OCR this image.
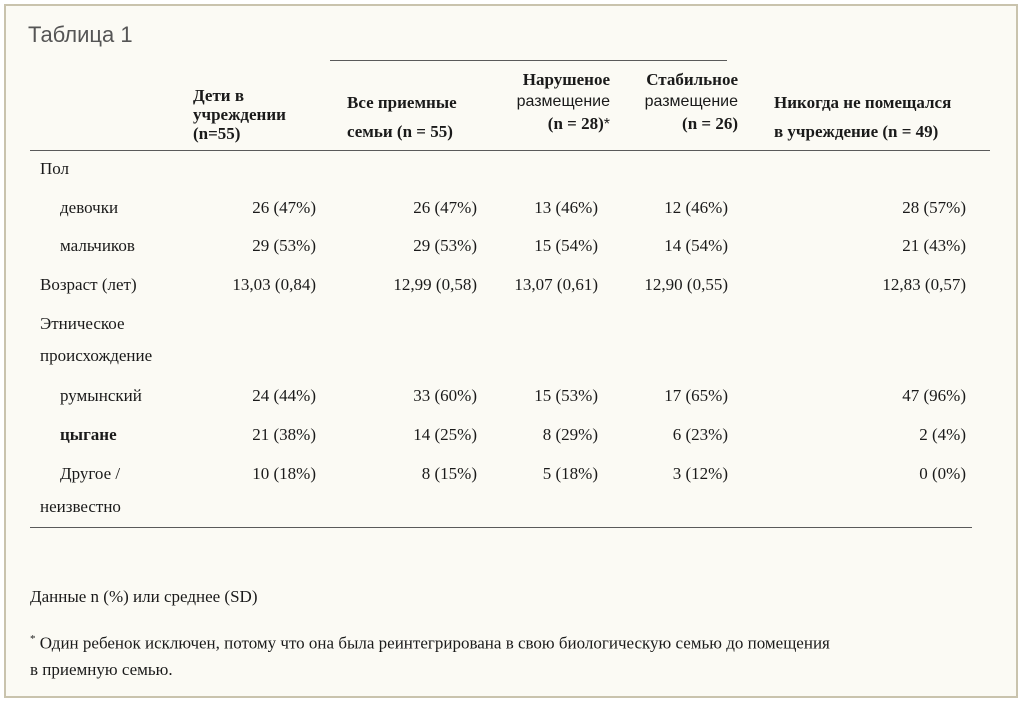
Таблица 1
Дети в
учреждении
(n=55)
Все приемные
семьи (n = 55)
Нарушеное
размещение
(n = 28)*
Стабильное
размещение
(n = 26)
Никогда не помещался
в учреждение (n = 49)
Пол
девочки
мальчиков
Возраст (лет)
Этническое
происхождение
румынский
цыгане
Другое /
неизвестно
26 (47%)
29 (53%)
13,03 (0,84)
24 (44%)
21 (38%)
10 (18%)
26 (47%)
29 (53%)
12,99 (0,58)
33 (60%)
14 (25%)
8 (15%)
13 (46%)
15 (54%)
13,07 (0,61)
15 (53%)
8 (29%)
5 (18%)
12 (46%)
14 (54%)
12,90 (0,55)
17 (65%)
6 (23%)
3 (12%)
28 (57%)
21 (43%)
12,83 (0,57)
47 (96%)
2 (4%)
0 (0%)
Данные n (%) или среднее (SD)
* Один ребенок исключен, потому что она была реинтегрирована в свою биологическую семью до помещения
в приемную семью.
